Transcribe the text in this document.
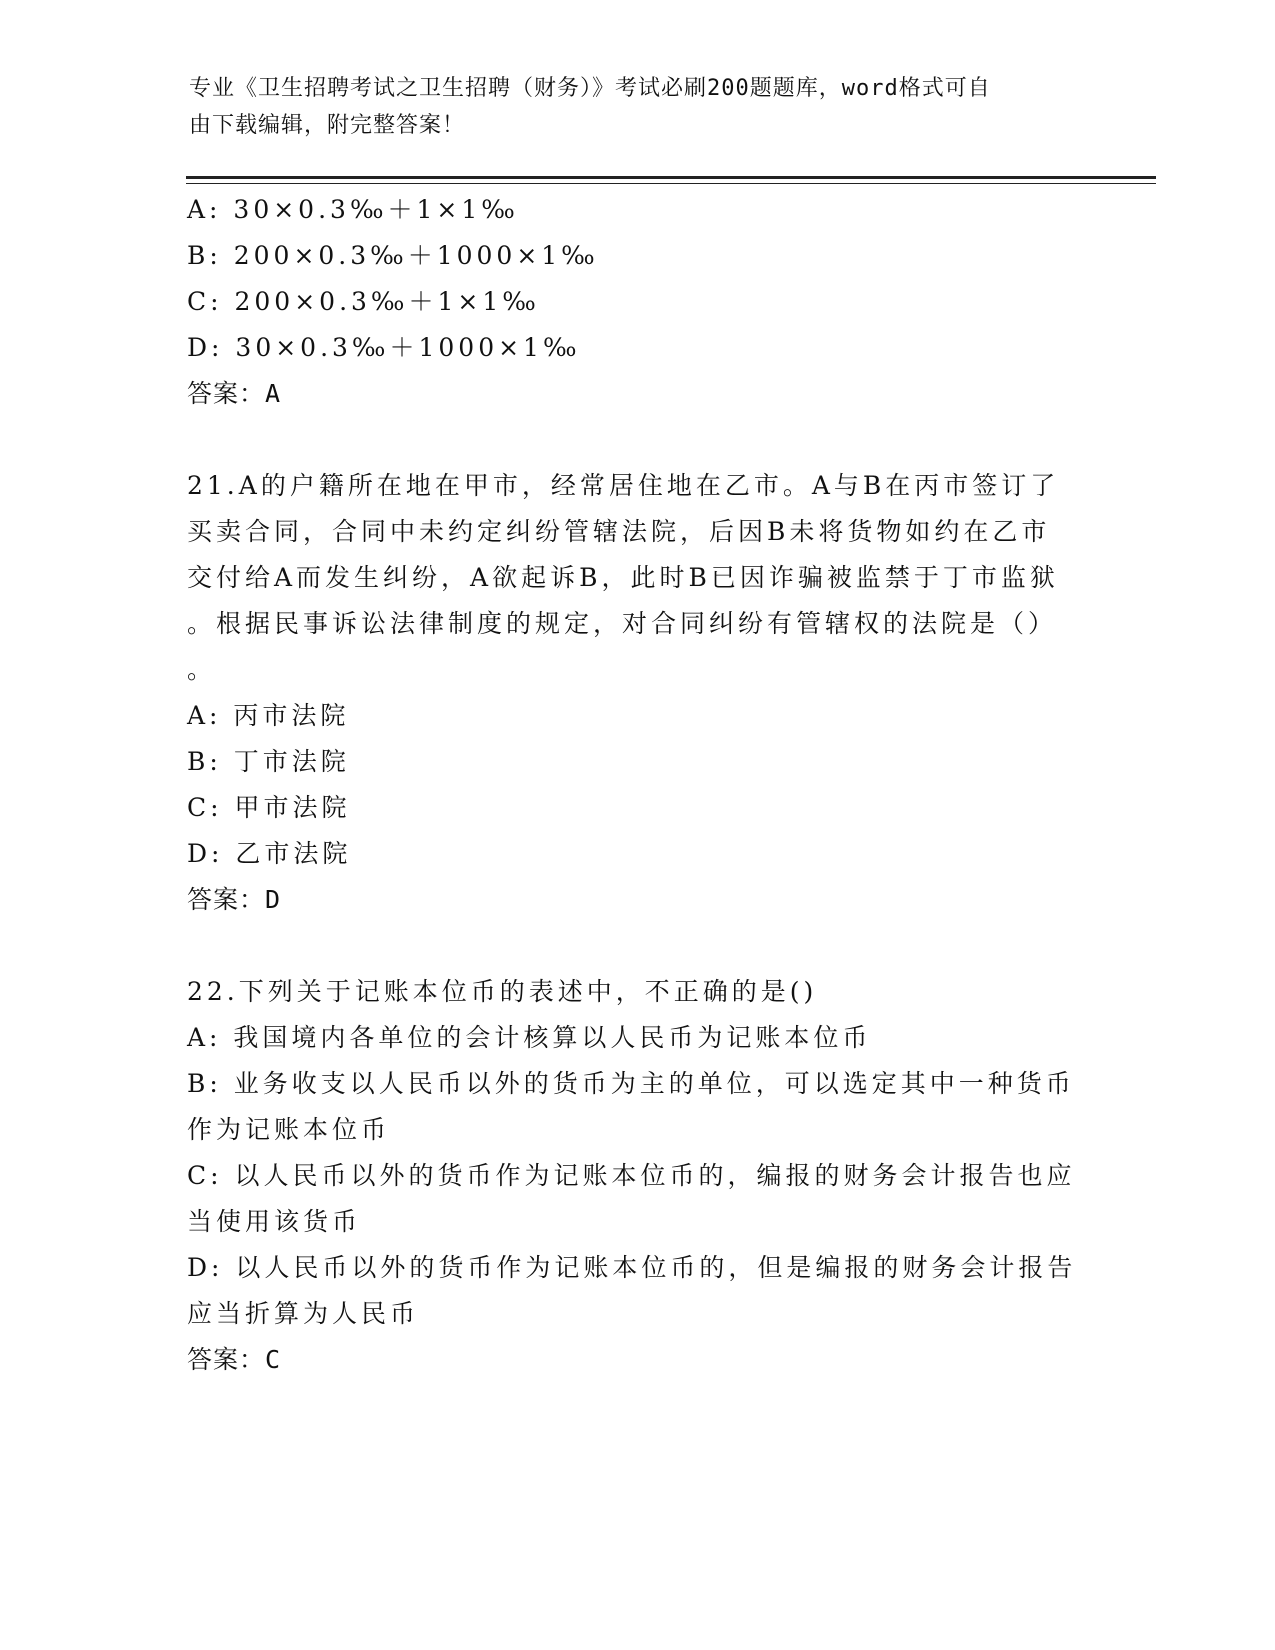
专业《卫生招聘考试之卫生招聘（财务）》考试必刷200题题库，word格式可自
由下载编辑，附完整答案！
A: 30×0.3‰＋1×1‰
B: 200×0.3‰＋1000×1‰
C: 200×0.3‰＋1×1‰
D: 30×0.3‰＋1000×1‰
答案：A
21.A的户籍所在地在甲市，经常居住地在乙市。A与B在丙市签订了
买卖合同，合同中未约定纠纷管辖法院，后因B未将货物如约在乙市
交付给A而发生纠纷，A欲起诉B，此时B已因诈骗被监禁于丁市监狱
。根据民事诉讼法律制度的规定，对合同纠纷有管辖权的法院是（）
。
A: 丙市法院
B: 丁市法院
C: 甲市法院
D: 乙市法院
答案：D
22.下列关于记账本位币的表述中，不正确的是()
A: 我国境内各单位的会计核算以人民币为记账本位币
B: 业务收支以人民币以外的货币为主的单位，可以选定其中一种货币
作为记账本位币
C: 以人民币以外的货币作为记账本位币的，编报的财务会计报告也应
当使用该货币
D: 以人民币以外的货币作为记账本位币的，但是编报的财务会计报告
应当折算为人民币
答案：C
